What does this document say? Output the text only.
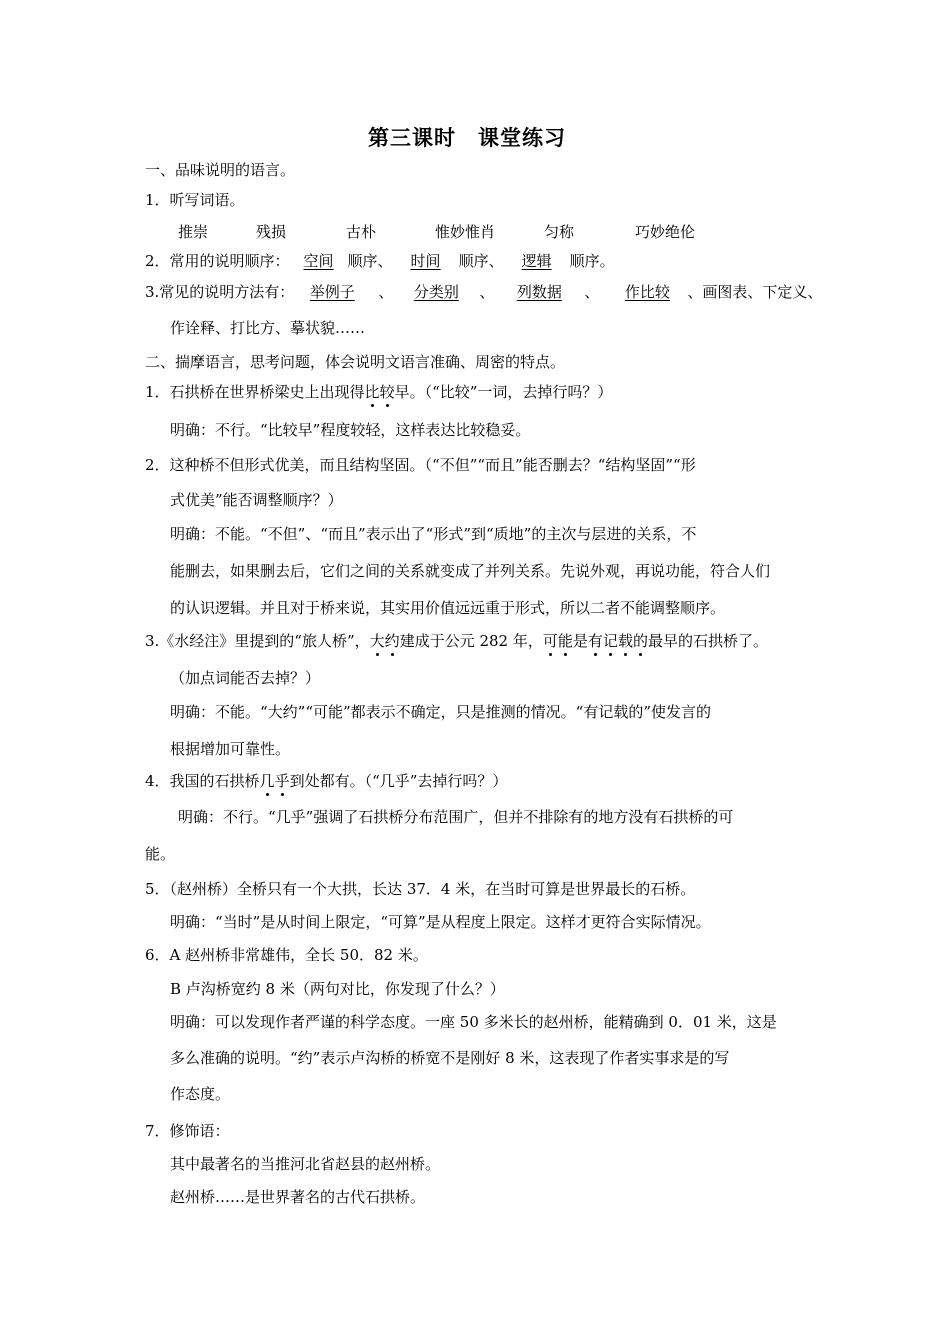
第三课时　课堂练习
一、品味说明的语言。
1．听写词语。
推崇	残损	古朴	惟妙惟肖	匀称	巧妙绝伦
2．常用的说明顺序： 空间 顺序、 时间 顺序、 逻辑 顺序。
3.常见的说明方法有： 举例子 、 分类别 、 列数据 、 作比较 、画图表、下定义、
作诠释、打比方、摹状貌……
二、揣摩语言，思考问题，体会说明文语言准确、周密的特点。
1．石拱桥在世界桥梁史上出现得比较早。（“比较”一词，去掉行吗？）
明确：不行。“比较早”程度较轻，这样表达比较稳妥。
2．这种桥不但形式优美，而且结构坚固。（“不但”“而且”能否删去？“结构坚固”“形
式优美”能否调整顺序？）
明确：不能。“不但”、“而且”表示出了“形式”到“质地”的主次与层进的关系，不
能删去，如果删去后，它们之间的关系就变成了并列关系。先说外观，再说功能，符合人们
的认识逻辑。并且对于桥来说，其实用价值远远重于形式，所以二者不能调整顺序。
3.《水经注》里提到的“旅人桥”，大约建成于公元 282 年，可能是有记载的最早的石拱桥了。
（加点词能否去掉？）
明确：不能。“大约”“可能”都表示不确定，只是推测的情况。“有记载的”使发言的
根据增加可靠性。
4．我国的石拱桥几乎到处都有。（“几乎”去掉行吗？）
明确：不行。“几乎”强调了石拱桥分布范围广，但并不排除有的地方没有石拱桥的可
能。
5．（赵州桥）全桥只有一个大拱，长达 37．4 米，在当时可算是世界最长的石桥。
明确：“当时”是从时间上限定，“可算”是从程度上限定。这样才更符合实际情况。
6．A 赵州桥非常雄伟，全长 50．82 米。
B 卢沟桥宽约 8 米（两句对比，你发现了什么？）
明确：可以发现作者严谨的科学态度。一座 50 多米长的赵州桥，能精确到 0．01 米，这是
多么准确的说明。“约”表示卢沟桥的桥宽不是刚好 8 米，这表现了作者实事求是的写
作态度。
7．修饰语：
其中最著名的当推河北省赵县的赵州桥。
赵州桥……是世界著名的古代石拱桥。
